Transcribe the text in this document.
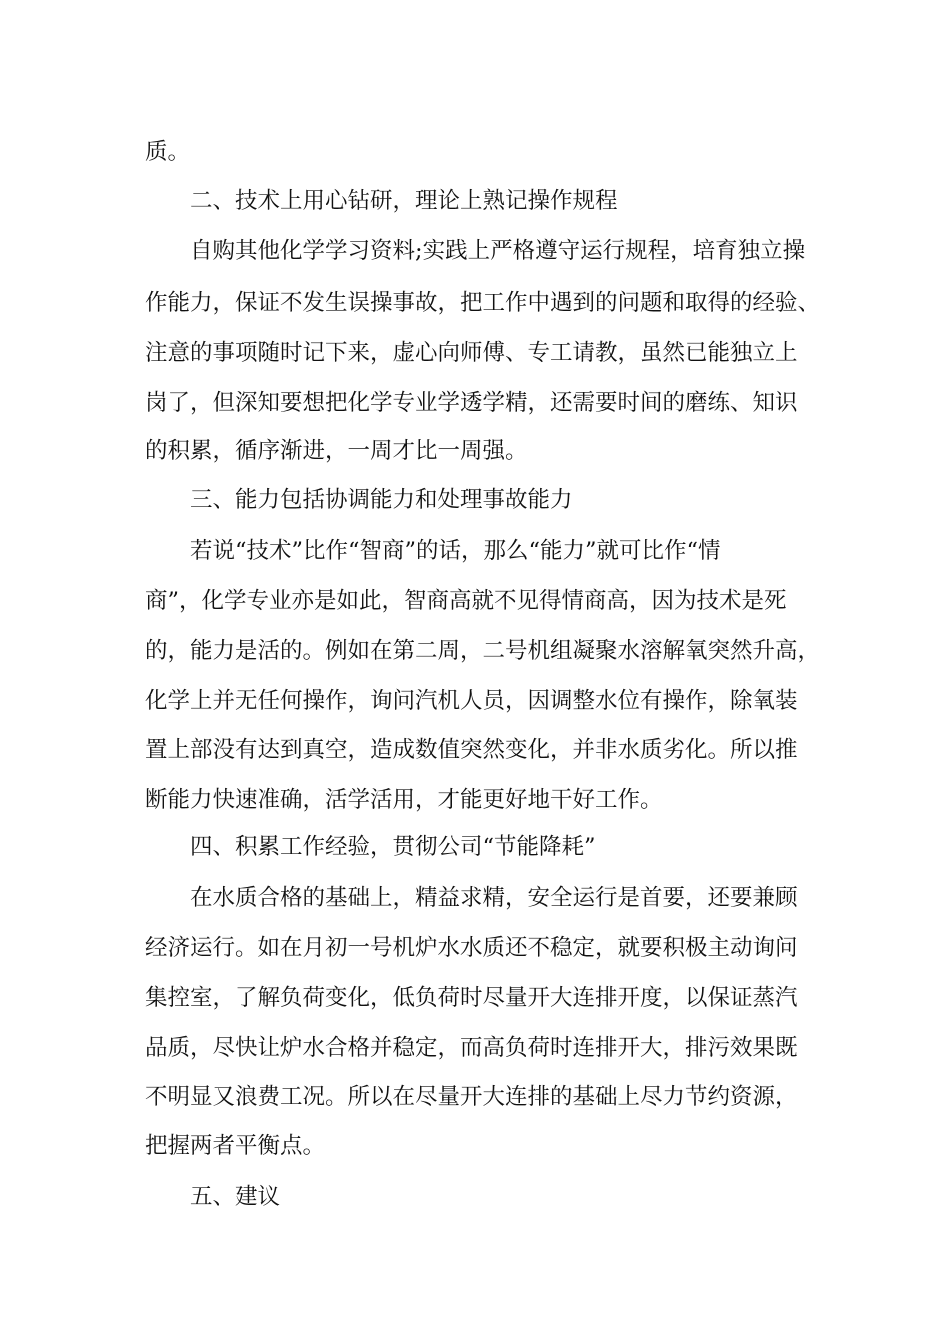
质。
二、技术上用心钻研，理论上熟记操作规程
自购其他化学学习资料;实践上严格遵守运行规程，培育独立操
作能力，保证不发生误操事故，把工作中遇到的问题和取得的经验、
注意的事项随时记下来，虚心向师傅、专工请教，虽然已能独立上
岗了，但深知要想把化学专业学透学精，还需要时间的磨练、知识
的积累，循序渐进，一周才比一周强。
三、能力包括协调能力和处理事故能力
若说“技术”比作“智商”的话，那么“能力”就可比作“情
商”，化学专业亦是如此，智商高就不见得情商高，因为技术是死
的，能力是活的。例如在第二周，二号机组凝聚水溶解氧突然升高，
化学上并无任何操作，询问汽机人员，因调整水位有操作，除氧装
置上部没有达到真空，造成数值突然变化，并非水质劣化。所以推
断能力快速准确，活学活用，才能更好地干好工作。
四、积累工作经验，贯彻公司“节能降耗”
在水质合格的基础上，精益求精，安全运行是首要，还要兼顾
经济运行。如在月初一号机炉水水质还不稳定，就要积极主动询问
集控室，了解负荷变化，低负荷时尽量开大连排开度，以保证蒸汽
品质，尽快让炉水合格并稳定，而高负荷时连排开大，排污效果既
不明显又浪费工况。所以在尽量开大连排的基础上尽力节约资源，
把握两者平衡点。
五、建议
